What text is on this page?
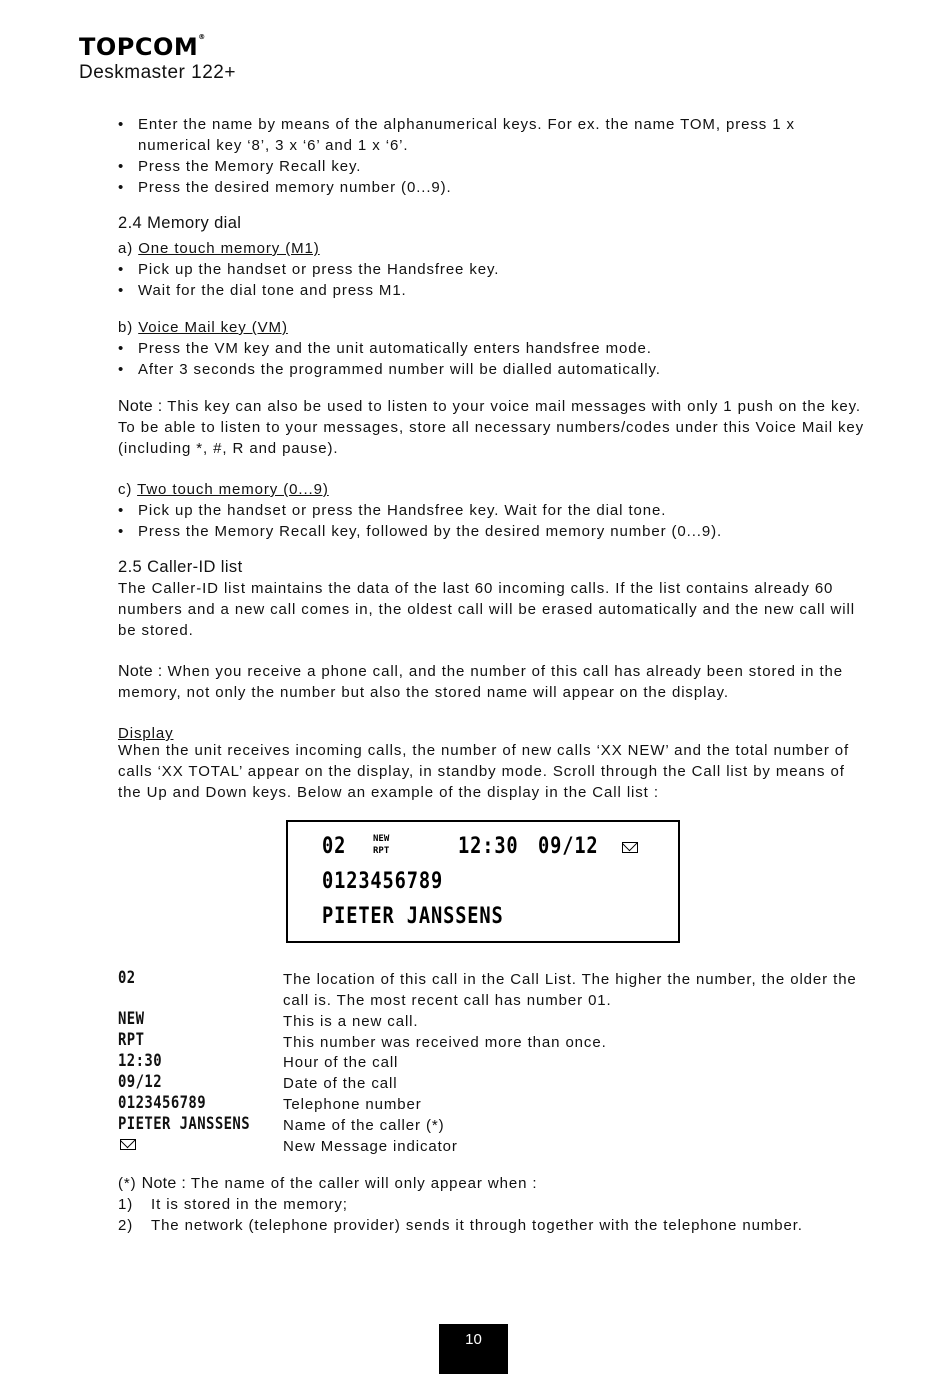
TOPCOM®
Deskmaster 122+
• Enter the name by means of the alphanumerical keys. For ex. the name TOM, press 1 x
numerical key ‘8’, 3 x ‘6’ and 1 x ‘6’.
• Press the Memory Recall key.
• Press the desired memory number (0...9).
2.4 Memory dial
a) One touch memory (M1)
• Pick up the handset or press the Handsfree key.
• Wait for the dial tone and press M1.
b) Voice Mail key (VM)
• Press the VM key and the unit automatically enters handsfree mode.
• After 3 seconds the programmed number will be dialled automatically.
Note : This key can also be used to listen to your voice mail messages with only 1 push on the key.
To be able to listen to your messages, store all necessary numbers/codes under this Voice Mail key
(including *, #, R and pause).
c) Two touch memory (0...9)
• Pick up the handset or press the Handsfree key. Wait for the dial tone.
• Press the Memory Recall key, followed by the desired memory number (0...9).
2.5 Caller-ID list
The Caller-ID list maintains the data of the last 60 incoming calls. If the list contains already 60
numbers and a new call comes in, the oldest call will be erased automatically and the new call will
be stored.
Note : When you receive a phone call, and the number of this call has already been stored in the
memory, not only the number but also the stored name will appear on the display.
Display
When the unit receives incoming calls, the number of new calls ‘XX NEW’ and the total number of
calls ‘XX TOTAL’ appear on the display, in standby mode. Scroll through the Call list by means of
the Up and Down keys. Below an example of the display in the Call list :
02	NEW
RPT	12:30 09/12
0123456789
PIETER JANSSENS
02	The location of this call in the Call List. The higher the number, the older the
call is. The most recent call has number 01.
NEW	This is a new call.
RPT	This number was received more than once.
12:30	Hour of the call
09/12	Date of the call
0123456789	Telephone number
PIETER JANSSENS Name of the caller (*)
New Message indicator
(*) Note : The name of the caller will only appear when :
1) It is stored in the memory;
2) The network (telephone provider) sends it through together with the telephone number.
10
